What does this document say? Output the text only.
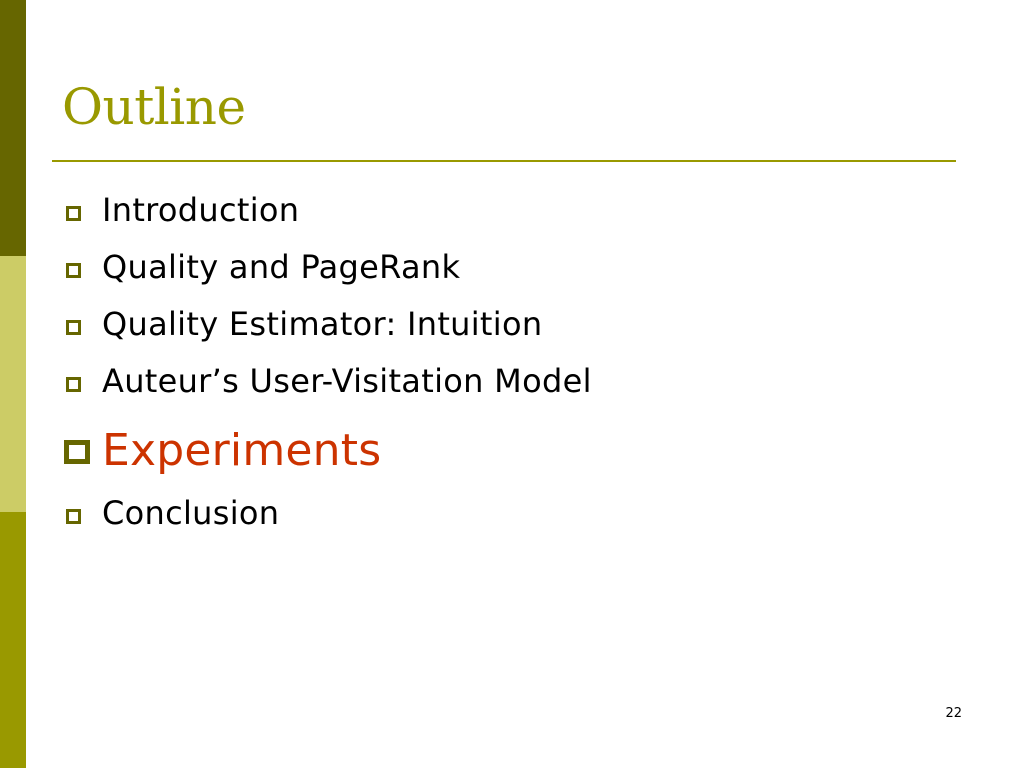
Outline
Introduction
Quality and PageRank
Quality Estimator: Intuition
Auteur’s User-Visitation Model
Experiments
Conclusion
22
